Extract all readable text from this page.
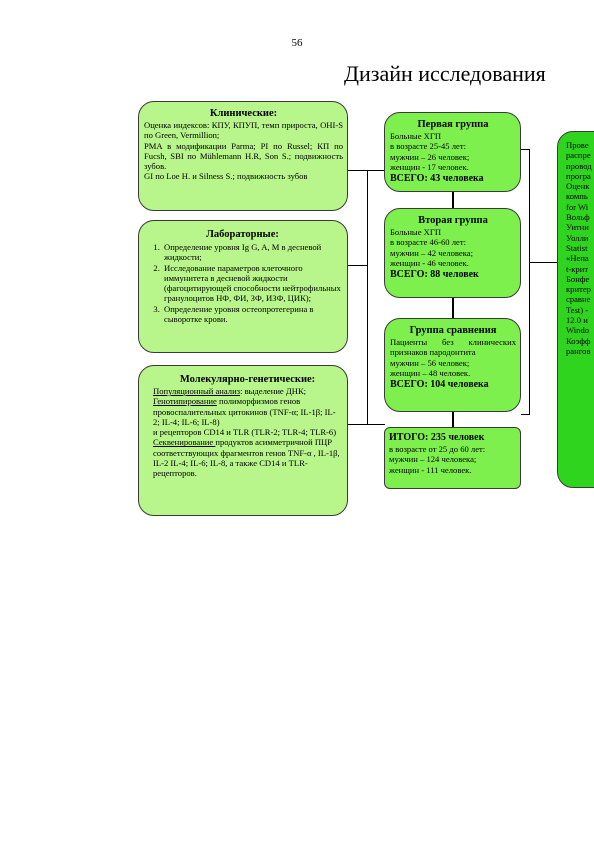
56
Дизайн исследования
Клинические:
Оценка индексов: КПУ, КПУП, темп прироста, OHI-S по Green, Vermillion;
PMA в модификации Parma; PI по Russel; КП по Fucsh, SBI по Mühlemann H.R, Son S.; подвижность зубов.
GI по Loe H. и Silness S.; подвижность зубов
Лабораторные:
1. Определение уровня Ig G, A, M в десневой жидкости;
2. Исследование параметров клеточного иммунитета в десневой жидкости (фагоцитирующей способности нейтрофильных гранулоцитов НФ, ФИ, ЗФ, ИЗФ, ЦИК);
3. Определение уровня остеопротегерина в сыворотке крови.
Молекулярно-генетические:
Популяционный анализ: выделение ДНК;
Генотипирование полиморфизмов генов провоспалительных цитокинов (TNF-α; IL-1β; IL-2; IL-4; IL-6; IL-8)
и рецепторов CD14 и TLR (TLR-2; TLR-4; TLR-6) Секвенирование продуктов асимметричной ПЦР соответствующих фрагментов генов TNF-α , IL-1β, IL-2 IL-4; IL-6; IL-8, а также CD14 и TLR-рецепторов.
Первая группа
Больные ХГП
в возрасте 25-45 лет:
мужчин – 26 человек;
женщин - 17 человек.
ВСЕГО: 43 человека
Вторая группа
Больные ХГП
в возрасте 46-60 лет:
мужчин – 42 человека;
женщин - 46 человек.
ВСЕГО: 88 человек
Группа сравнения
Пациенты без клинических признаков пародонтита
мужчин – 56 человек;
женщин – 48 человек.
ВСЕГО: 104 человека
ИТОГО: 235 человек
в возрасте от 25 до 60 лет:
мужчин – 124 человека;
женщин - 111 человек.
Прове
распре
провод
програ
Оценк
компь
for Wi
Вольф
Уитни
Уолли
Statist
«Непа
t-крит
Бонфе
критер
сравне
Test) -
12.0 и
Windo
Коэфф
рангов
